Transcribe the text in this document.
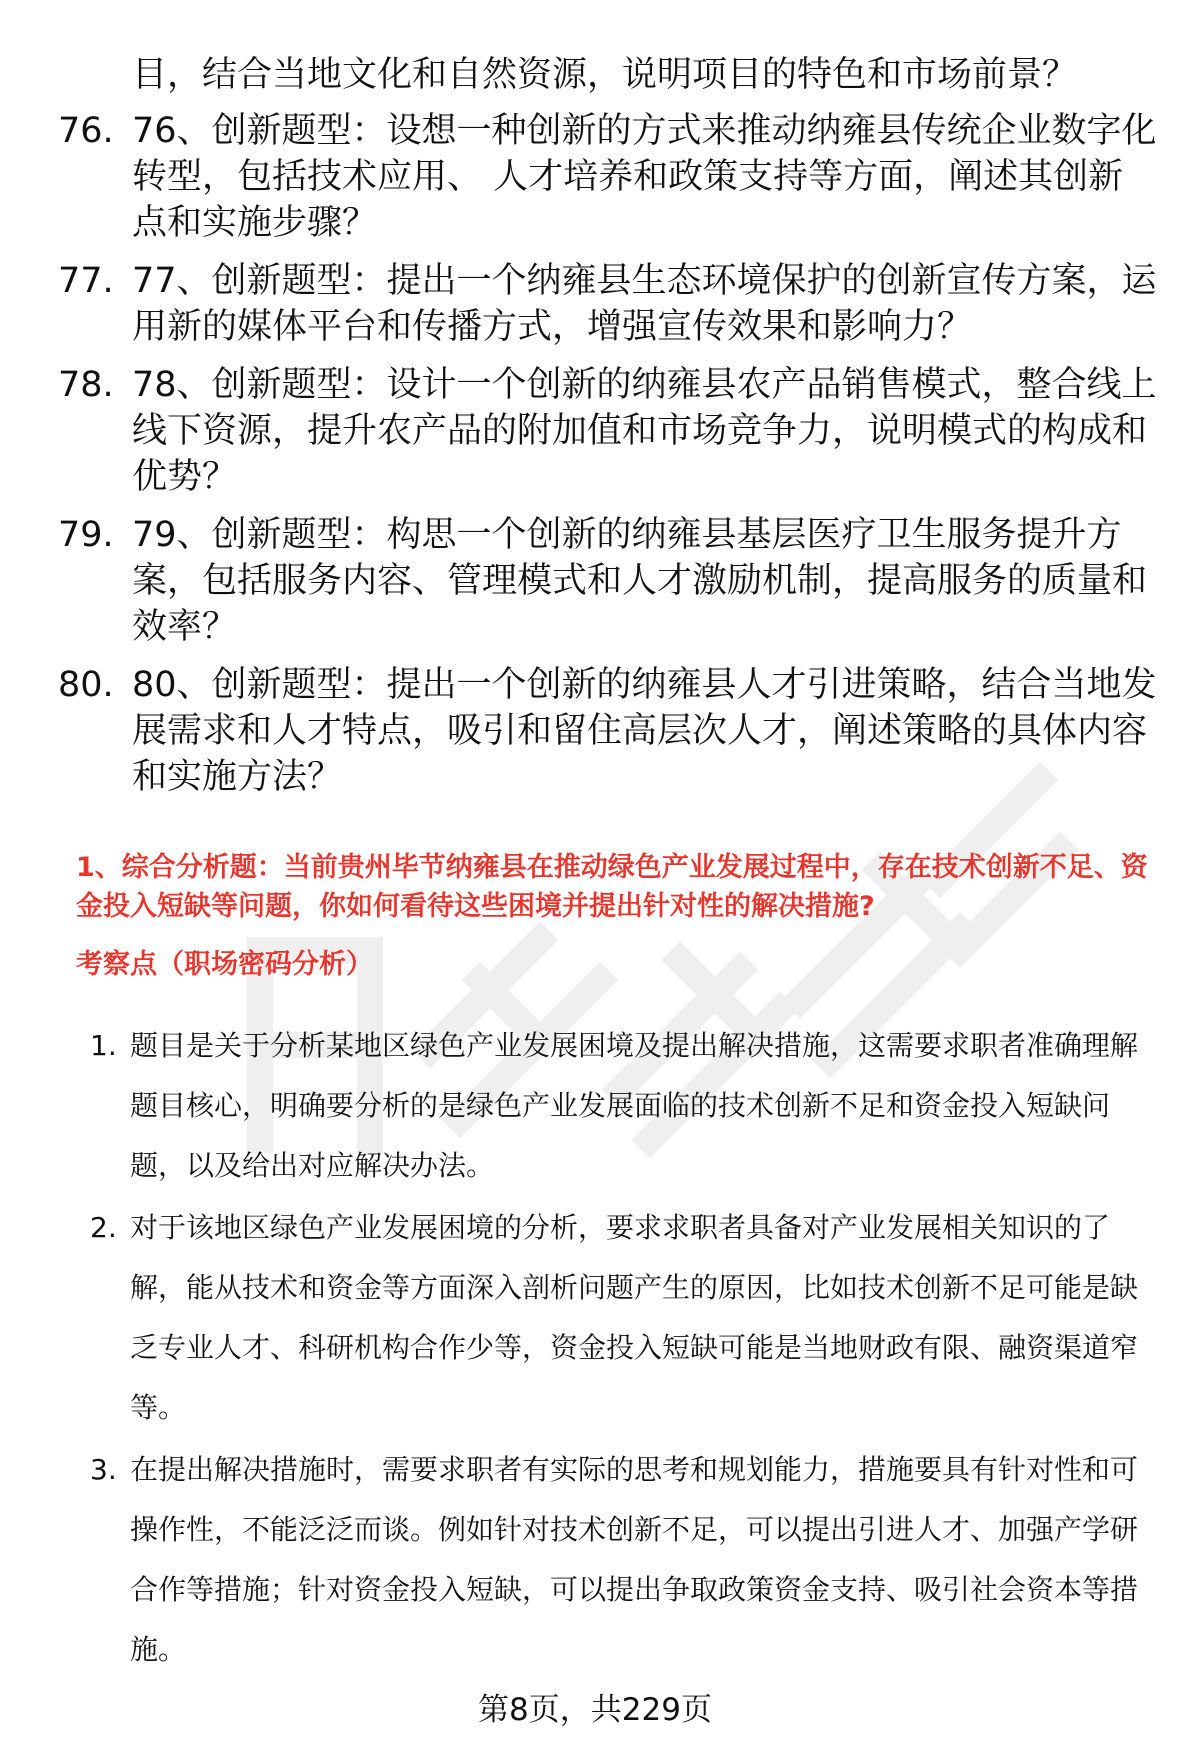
目，结合当地文化和自然资源，说明项目的特色和市场前景？

76. 76、创新题型：设想一种创新的方式来推动纳雍县传统企业数字化转型，包括技术应用、 人才培养和政策支持等方面，阐述其创新点和实施步骤？
77. 77、创新题型：提出一个纳雍县生态环境保护的创新宣传方案，运用新的媒体平台和传播方式，增强宣传效果和影响力？
78. 78、创新题型：设计一个创新的纳雍县农产品销售模式，整合线上线下资源，提升农产品的附加值和市场竞争力，说明模式的构成和优势？
79. 79、创新题型：构思一个创新的纳雍县基层医疗卫生服务提升方案，包括服务内容、管理模式和人才激励机制，提高服务的质量和效率？
80. 80、创新题型：提出一个创新的纳雍县人才引进策略，结合当地发展需求和人才特点，吸引和留住高层次人才，阐述策略的具体内容和实施方法？

1、综合分析题：当前贵州毕节纳雍县在推动绿色产业发展过程中，存在技术创新不足、资金投入短缺等问题，你如何看待这些困境并提出针对性的解决措施?

考察点（职场密码分析）

1. 题目是关于分析某地区绿色产业发展困境及提出解决措施，这需要求职者准确理解题目核心，明确要分析的是绿色产业发展面临的技术创新不足和资金投入短缺问题，以及给出对应解决办法。
2. 对于该地区绿色产业发展困境的分析，要求求职者具备对产业发展相关知识的了解，能从技术和资金等方面深入剖析问题产生的原因，比如技术创新不足可能是缺乏专业人才、科研机构合作少等，资金投入短缺可能是当地财政有限、融资渠道窄等。
3. 在提出解决措施时，需要求职者有实际的思考和规划能力，措施要具有针对性和可操作性，不能泛泛而谈。例如针对技术创新不足，可以提出引进人才、加强产学研合作等措施；针对资金投入短缺，可以提出争取政策资金支持、吸引社会资本等措施。
第8页，共229页
